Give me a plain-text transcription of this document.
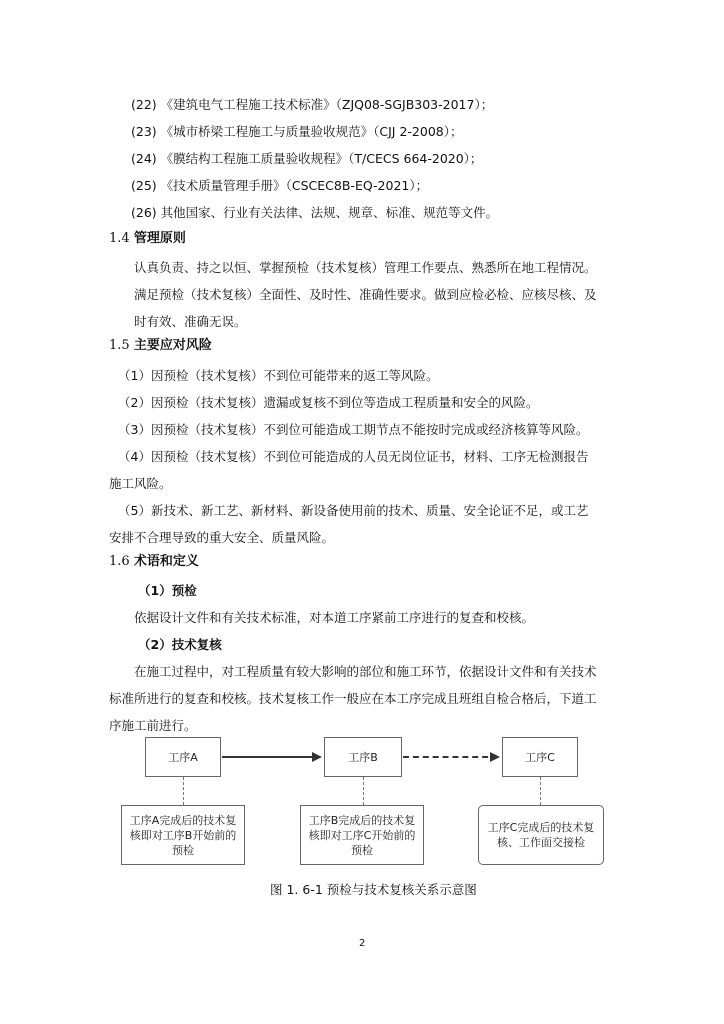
(22) 《建筑电气工程施工技术标准》（ZJQ08-SGJB303-2017）；
(23) 《城市桥梁工程施工与质量验收规范》（CJJ 2-2008）；
(24) 《膜结构工程施工质量验收规程》（T/CECS 664-2020）；
(25) 《技术质量管理手册》（CSCEC8B-EQ-2021）；
(26) 其他国家、行业有关法律、法规、规章、标准、规范等文件。
1.4 管理原则
认真负责、持之以恒、掌握预检（技术复核）管理工作要点、熟悉所在地工程情况。
满足预检（技术复核）全面性、及时性、准确性要求。做到应检必检、应核尽核、及
时有效、准确无误。
1.5 主要应对风险
（1）因预检（技术复核）不到位可能带来的返工等风险。
（2）因预检（技术复核）遗漏或复核不到位等造成工程质量和安全的风险。
（3）因预检（技术复核）不到位可能造成工期节点不能按时完成或经济核算等风险。
（4）因预检（技术复核）不到位可能造成的人员无岗位证书，材料、工序无检测报告
施工风险。
（5）新技术、新工艺、新材料、新设备使用前的技术、质量、安全论证不足，或工艺
安排不合理导致的重大安全、质量风险。
1.6 术语和定义
（1）预检
依据设计文件和有关技术标准，对本道工序紧前工序进行的复查和校核。
（2）技术复核
在施工过程中，对工程质量有较大影响的部位和施工环节，依据设计文件和有关技术
标准所进行的复查和校核。技术复核工作一般应在本工序完成且班组自检合格后，下道工
序施工前进行。
工序A	工序B	工序C
工序A完成后的技术复
核即对工序B开始前的
预检
工序B完成后的技术复
核即对工序C开始前的
预检
工序C完成后的技术复
核、工作面交接检
图 1. 6-1 预检与技术复核关系示意图
2
